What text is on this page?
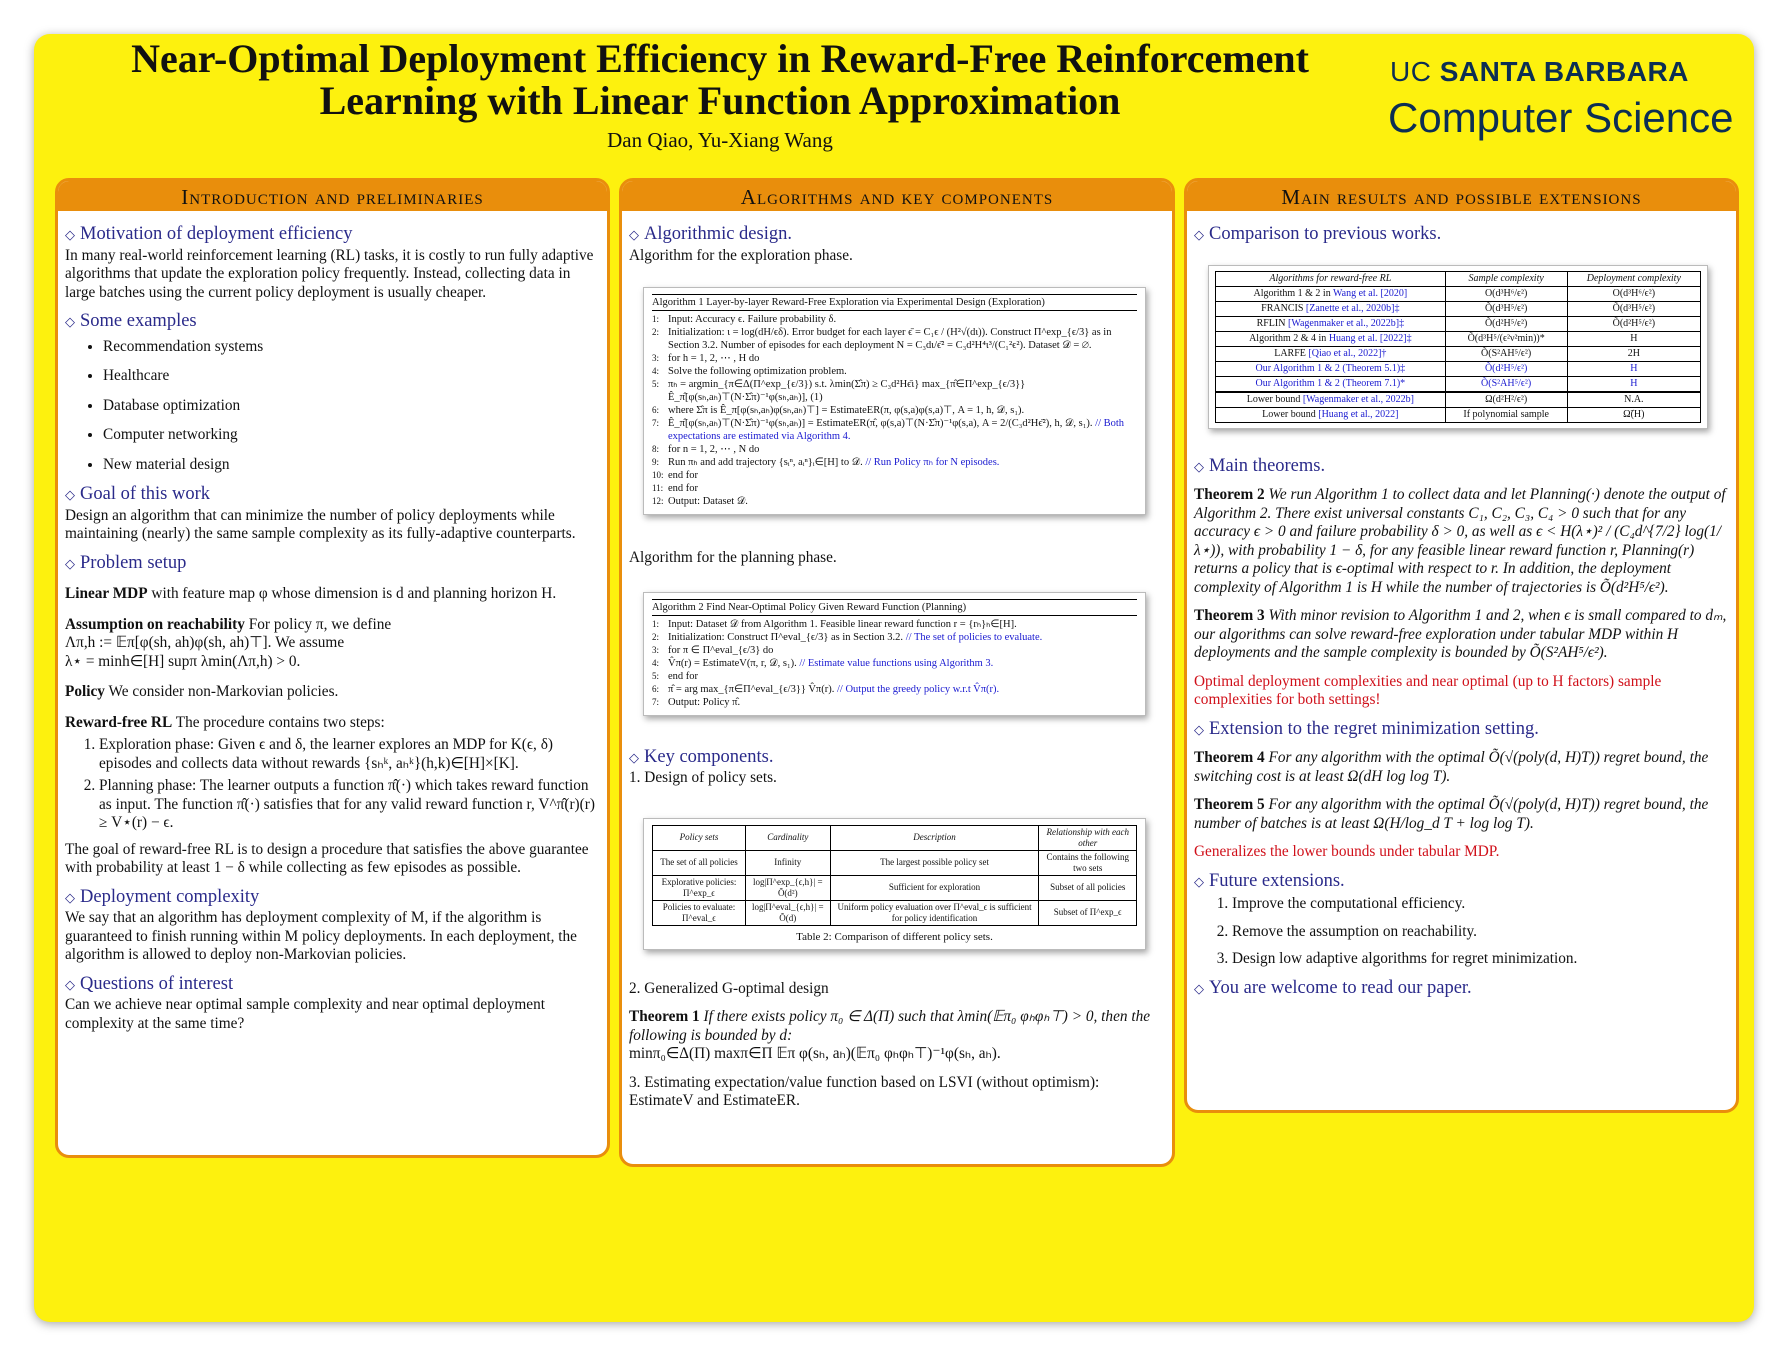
Near-Optimal Deployment Efficiency in Reward-Free Reinforcement
Learning with Linear Function Approximation
Dan Qiao, Yu-Xiang Wang
UC SANTA BARBARA
Computer Science
Introduction and preliminaries
◇ Motivation of deployment efficiency
In many real-world reinforcement learning (RL) tasks, it is costly to run fully adaptive algorithms that update the exploration policy frequently. Instead, collecting data in large batches using the current policy deployment is usually cheaper.
◇ Some examples
• Recommendation systems
• Healthcare
• Database optimization
• Computer networking
• New material design
◇ Goal of this work
Design an algorithm that can minimize the number of policy deployments while maintaining (nearly) the same sample complexity as its fully-adaptive counterparts.
◇ Problem setup
Linear MDP with feature map φ whose dimension is d and planning horizon H.
Assumption on reachability For policy π, we define
Λπ,h := 𝔼π[φ(sh, ah)φ(sh, ah)⊤]. We assume
λ⋆ = minh∈[H] supπ λmin(Λπ,h) > 0.
Policy We consider non-Markovian policies.
Reward-free RL The procedure contains two steps:
1. Exploration phase: Given ϵ and δ, the learner explores an MDP for K(ϵ, δ) episodes and collects data without rewards {sₕᵏ, aₕᵏ}(h,k)∈[H]×[K].
2. Planning phase: The learner outputs a function π̂(·) which takes reward function as input. The function π̂(·) satisfies that for any valid reward function r, V^π̂(r)(r) ≥ V⋆(r) − ϵ.
The goal of reward-free RL is to design a procedure that satisfies the above guarantee with probability at least 1 − δ while collecting as few episodes as possible.
◇ Deployment complexity
We say that an algorithm has deployment complexity of M, if the algorithm is guaranteed to finish running within M policy deployments. In each deployment, the algorithm is allowed to deploy non-Markovian policies.
◇ Questions of interest
Can we achieve near optimal sample complexity and near optimal deployment complexity at the same time?
Algorithms and key components
◇ Algorithmic design.
Algorithm for the exploration phase.
Algorithm 1 Layer-by-layer Reward-Free Exploration via Experimental Design (Exploration)
1: Input: Accuracy ϵ. Failure probability δ.
2: Initialization: ι = log(dH/ϵδ). Error budget for each layer ϵ̄ = C₁ϵ / (H²√(dι)). Construct Π^exp_{ϵ/3} as in Section 3.2. Number of episodes for each deployment N = C₃dι/ϵ̄² = C₃d²H⁴ι³/(C₁²ϵ²). Dataset 𝒟 = ∅.
3: for h = 1, 2, ⋯ , H do
4: Solve the following optimization problem.
5: πₕ = argmin_{π∈Δ(Π^exp_{ϵ/3}) s.t. λmin(Σ̂π) ≥ C₃d²Hϵ̄ι} max_{π̂∈Π^exp_{ϵ/3}} Ê_π̂[φ(sₕ,aₕ)⊤(N·Σ̂π)⁻¹φ(sₕ,aₕ)], (1)
6: where Σ̂π is Ê_π[φ(sₕ,aₕ)φ(sₕ,aₕ)⊤] = EstimateER(π, φ(s,a)φ(s,a)⊤, A = 1, h, 𝒟, s₁).
7: Ê_π̂[φ(sₕ,aₕ)⊤(N·Σ̂π)⁻¹φ(sₕ,aₕ)] = EstimateER(π̂, φ(s,a)⊤(N·Σ̂π)⁻¹φ(s,a), A = 2/(C₃d²Hϵ̄²), h, 𝒟, s₁). // Both expectations are estimated via Algorithm 4.
8: for n = 1, 2, ⋯ , N do
9: Run πₕ and add trajectory {sᵢⁿ, aᵢⁿ}ᵢ∈[H] to 𝒟. // Run Policy πₕ for N episodes.
10: end for
11: end for
12: Output: Dataset 𝒟.
Algorithm for the planning phase.
Algorithm 2 Find Near-Optimal Policy Given Reward Function (Planning)
1: Input: Dataset 𝒟 from Algorithm 1. Feasible linear reward function r = {rₕ}ₕ∈[H].
2: Initialization: Construct Π^eval_{ϵ/3} as in Section 3.2. // The set of policies to evaluate.
3: for π ∈ Π^eval_{ϵ/3} do
4: V̂π(r) = EstimateV(π, r, 𝒟, s₁). // Estimate value functions using Algorithm 3.
5: end for
6: π̂ = arg max_{π∈Π^eval_{ϵ/3}} V̂π(r). // Output the greedy policy w.r.t V̂π(r).
7: Output: Policy π̂.
◇ Key components.
1. Design of policy sets.
Policy sets	Cardinality	Description	Relationship with each other
The set of all policies	Infinity	The largest possible policy set	Contains the following two sets
Explorative policies: Π^exp_ϵ	log|Π^exp_{ϵ,h}| = Õ(d²)	Sufficient for exploration	Subset of all policies
Policies to evaluate: Π^eval_ϵ	log|Π^eval_{ϵ,h}| = Õ(d)	Uniform policy evaluation over Π^eval_ϵ is sufficient for policy identification	Subset of Π^exp_ϵ
Table 2: Comparison of different policy sets.
2. Generalized G-optimal design
Theorem 1 If there exists policy π₀ ∈ Δ(Π) such that λmin(𝔼π₀ φₕφₕ⊤) > 0, then the following is bounded by d:
minπ₀∈Δ(Π) maxπ∈Π 𝔼π φ(sₕ, aₕ)(𝔼π₀ φₕφₕ⊤)⁻¹φ(sₕ, aₕ).
3. Estimating expectation/value function based on LSVI (without optimism): EstimateV and EstimateER.
Main results and possible extensions
◇ Comparison to previous works.
Algorithms for reward-free RL	Sample complexity	Deployment complexity
Algorithm 1 & 2 in Wang et al. [2020]	O(d³H⁶/ϵ²)	O(d³H⁶/ϵ²)
FRANCIS [Zanette et al., 2020b]‡	Õ(d³H⁵/ϵ²)	Õ(d³H⁵/ϵ²)
RFLIN [Wagenmaker et al., 2022b]‡	Õ(d²H⁵/ϵ²)	Õ(d²H⁵/ϵ²)
Algorithm 2 & 4 in Huang et al. [2022]‡	Õ(d³H⁵/(ϵ²ν²min))*	H
LARFE [Qiao et al., 2022]†	Õ(S²AH⁵/ϵ²)	2H
Our Algorithm 1 & 2 (Theorem 5.1)‡	Õ(d²H⁵/ϵ²)	H
Our Algorithm 1 & 2 (Theorem 7.1)*	Õ(S²AH⁵/ϵ²)	H
Lower bound [Wagenmaker et al., 2022b]	Ω(d²H²/ϵ²)	N.A.
Lower bound [Huang et al., 2022]	If polynomial sample	Ω̃(H)
◇ Main theorems.
Theorem 2 We run Algorithm 1 to collect data and let Planning(·) denote the output of Algorithm 2. There exist universal constants C₁, C₂, C₃, C₄ > 0 such that for any accuracy ϵ > 0 and failure probability δ > 0, as well as ϵ < H(λ⋆)² / (C₄d^{7/2} log(1/λ⋆)), with probability 1 − δ, for any feasible linear reward function r, Planning(r) returns a policy that is ϵ-optimal with respect to r. In addition, the deployment complexity of Algorithm 1 is H while the number of trajectories is Õ(d²H⁵/ϵ²).
Theorem 3 With minor revision to Algorithm 1 and 2, when ϵ is small compared to dₘ, our algorithms can solve reward-free exploration under tabular MDP within H deployments and the sample complexity is bounded by Õ(S²AH⁵/ϵ²).
Optimal deployment complexities and near optimal (up to H factors) sample complexities for both settings!
◇ Extension to the regret minimization setting.
Theorem 4 For any algorithm with the optimal Õ(√(poly(d, H)T)) regret bound, the switching cost is at least Ω(dH log log T).
Theorem 5 For any algorithm with the optimal Õ(√(poly(d, H)T)) regret bound, the number of batches is at least Ω(H/log_d T + log log T).
Generalizes the lower bounds under tabular MDP.
◇ Future extensions.
1. Improve the computational efficiency.
2. Remove the assumption on reachability.
3. Design low adaptive algorithms for regret minimization.
◇ You are welcome to read our paper.
